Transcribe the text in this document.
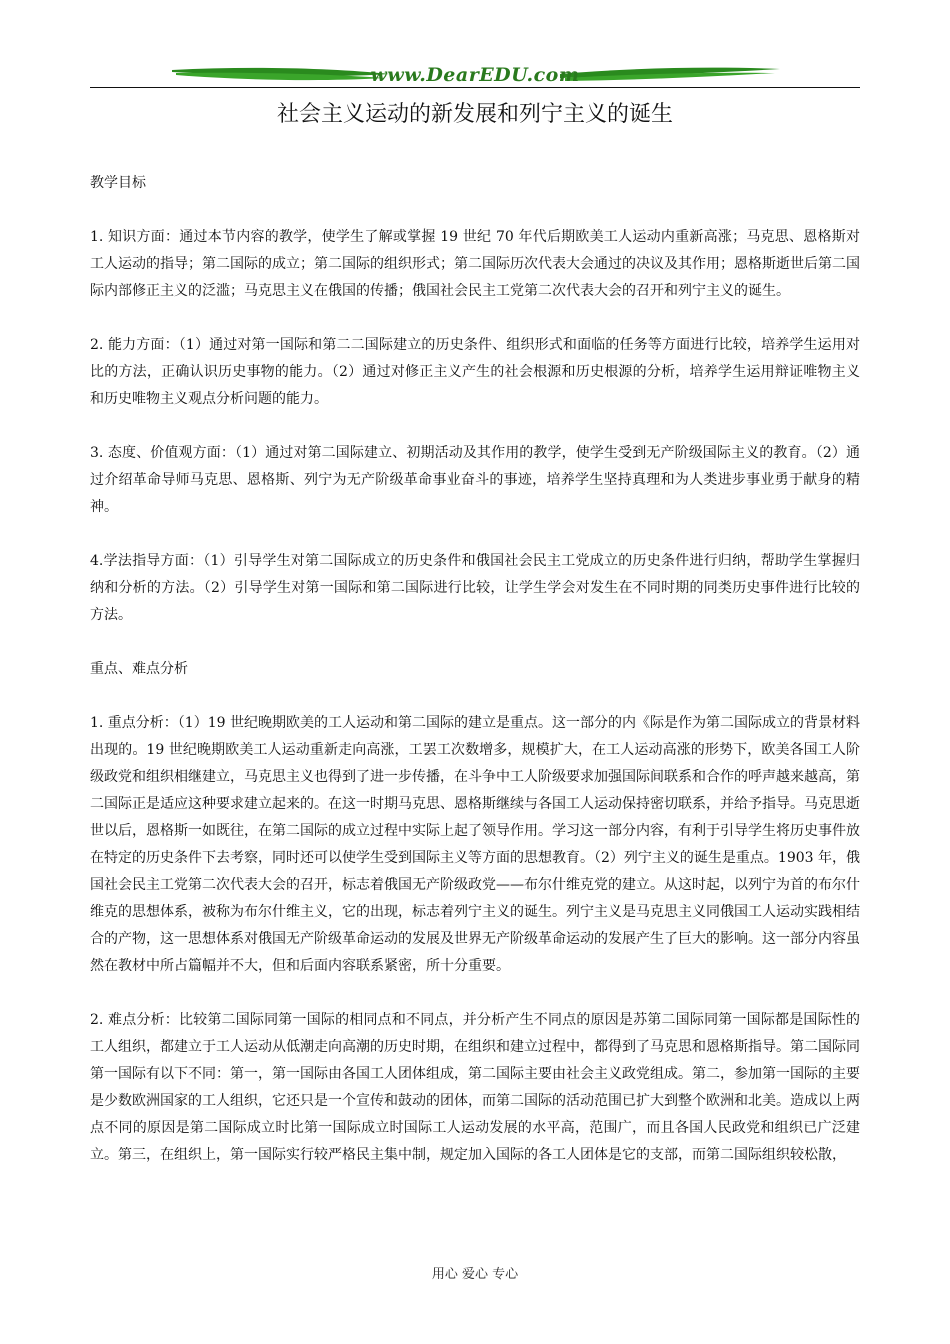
www.DearEDU.com
社会主义运动的新发展和列宁主义的诞生
教学目标

1. 知识方面：通过本节内容的教学，使学生了解或掌握 19 世纪 70 年代后期欧美工人运动内重新高涨；马克思、恩格斯对工人运动的指导；第二国际的成立；第二国际的组织形式；第二国际历次代表大会通过的决议及其作用；恩格斯逝世后第二国际内部修正主义的泛滥；马克思主义在俄国的传播；俄国社会民主工党第二次代表大会的召开和列宁主义的诞生。

2. 能力方面：（1）通过对第一国际和第二二国际建立的历史条件、组织形式和面临的任务等方面进行比较，培养学生运用对比的方法，正确认识历史事物的能力。（2）通过对修正主义产生的社会根源和历史根源的分析，培养学生运用辩证唯物主义和历史唯物主义观点分析问题的能力。

3. 态度、价值观方面：（1）通过对第二国际建立、初期活动及其作用的教学，使学生受到无产阶级国际主义的教育。（2）通过介绍革命导师马克思、恩格斯、列宁为无产阶级革命事业奋斗的事迹，培养学生坚持真理和为人类进步事业勇于献身的精神。

4.学法指导方面：（1）引导学生对第二国际成立的历史条件和俄国社会民主工党成立的历史条件进行归纳，帮助学生掌握归纳和分析的方法。（2）引导学生对第一国际和第二国际进行比较，让学生学会对发生在不同时期的同类历史事件进行比较的方法。

重点、难点分析

1. 重点分析：（1）19 世纪晚期欧美的工人运动和第二国际的建立是重点。这一部分的内《际是作为第二国际成立的背景材料出现的。19 世纪晚期欧美工人运动重新走向高涨，工罢工次数增多，规模扩大，在工人运动高涨的形势下，欧美各国工人阶级政党和组织相继建立，马克思主义也得到了进一步传播，在斗争中工人阶级要求加强国际间联系和合作的呼声越来越高，第二国际正是适应这种要求建立起来的。在这一时期马克思、恩格斯继续与各国工人运动保持密切联系，并给予指导。马克思逝世以后，恩格斯一如既往，在第二国际的成立过程中实际上起了领导作用。学习这一部分内容，有利于引导学生将历史事件放在特定的历史条件下去考察，同时还可以使学生受到国际主义等方面的思想教育。（2）列宁主义的诞生是重点。1903 年，俄国社会民主工党第二次代表大会的召开，标志着俄国无产阶级政党——布尔什维克党的建立。从这时起，以列宁为首的布尔什维克的思想体系，被称为布尔什维主义，它的出现，标志着列宁主义的诞生。列宁主义是马克思主义同俄国工人运动实践相结合的产物，这一思想体系对俄国无产阶级革命运动的发展及世界无产阶级革命运动的发展产生了巨大的影响。这一部分内容虽然在教材中所占篇幅并不大，但和后面内容联系紧密，所十分重要。

2. 难点分析：比较第二国际同第一国际的相同点和不同点，并分析产生不同点的原因是苏第二国际同第一国际都是国际性的工人组织，都建立于工人运动从低潮走向高潮的历史时期，在组织和建立过程中，都得到了马克思和恩格斯指导。第二国际同第一国际有以下不同：第一，第一国际由各国工人团体组成，第二国际主要由社会主义政党组成。第二，参加第一国际的主要是少数欧洲国家的工人组织，它还只是一个宣传和鼓动的团体，而第二国际的活动范围已扩大到整个欧洲和北美。造成以上两点不同的原因是第二国际成立时比第一国际成立时国际工人运动发展的水平高，范围广，而且各国人民政党和组织已广泛建立。第三，在组织上，第一国际实行较严格民主集中制，规定加入国际的各工人团体是它的支部，而第二国际组织较松散，

用心 爱心 专心
